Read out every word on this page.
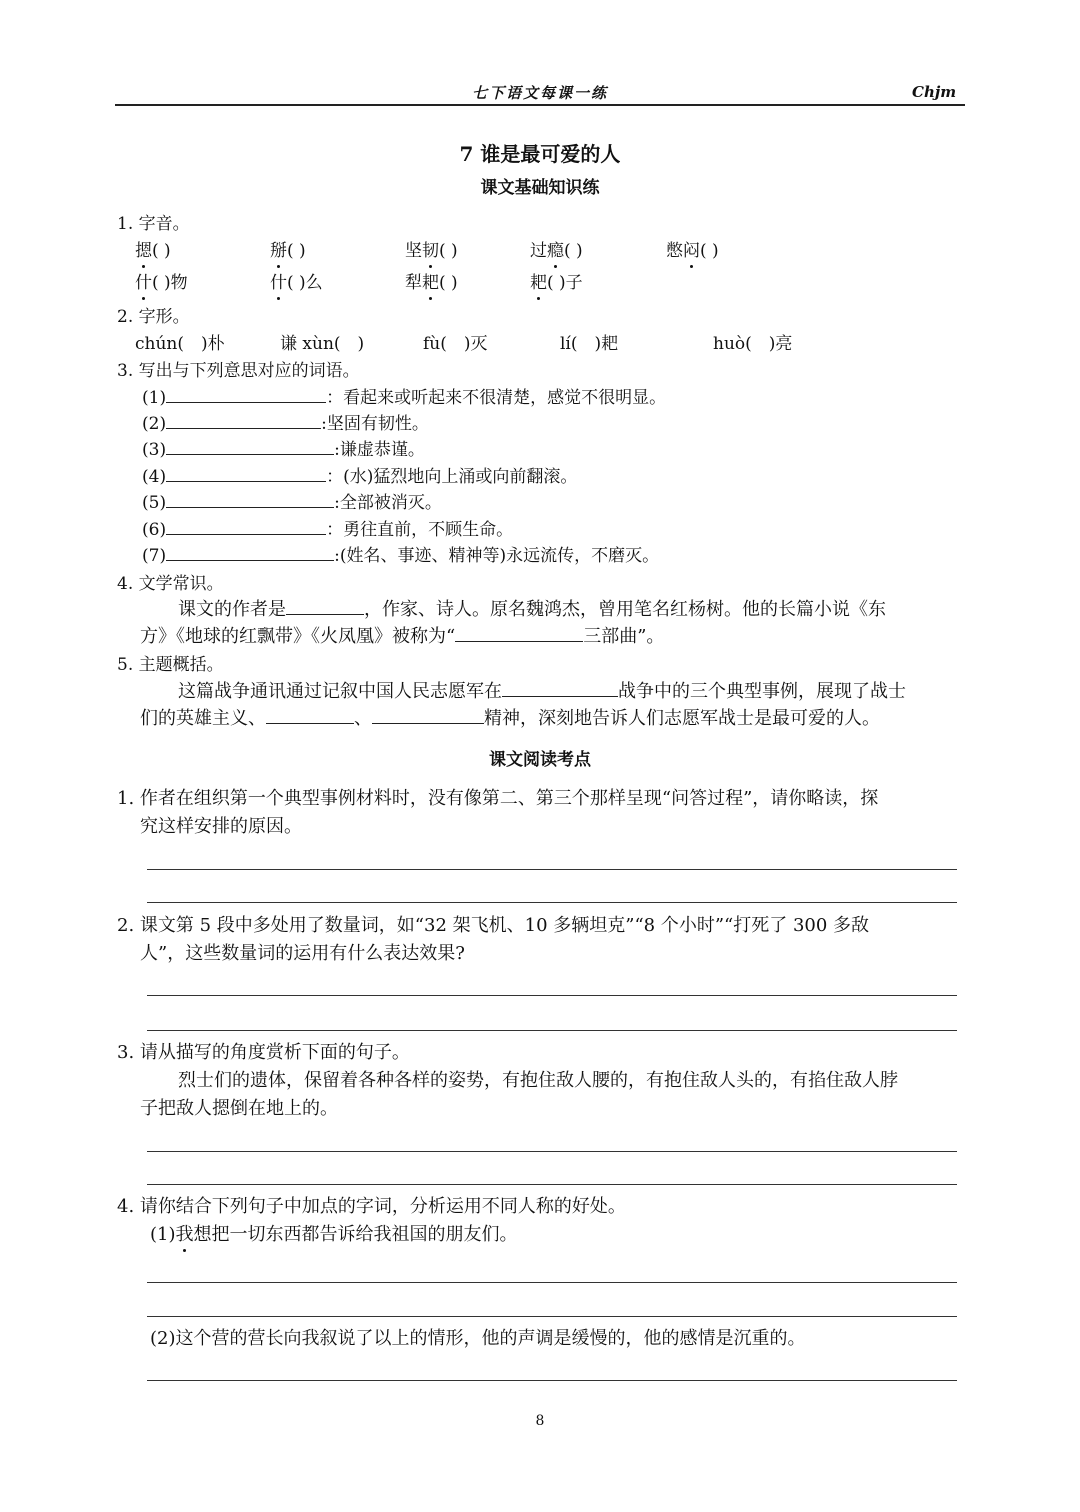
七下语文每课一练	Chjm
7 谁是最可爱的人
课文基础知识练
1. 字音。
摁( )	掰( )	坚韧( )	过瘾( )	憋闷( )
什( )物	什( )么	犁耙( )	耙( )子
2. 字形。
chún(　)朴	谦 xùn(　)	fù(　)灭	lí(　)耙	huò(　)亮
3. 写出与下列意思对应的词语。
(1)	：看起来或听起来不很清楚，感觉不很明显。
(2)	:坚固有韧性。
(3)	:谦虚恭谨。
(4)	：(水)猛烈地向上涌或向前翻滚。
(5)	:全部被消灭。
(6)	：勇往直前，不顾生命。
(7)	:(姓名、事迹、精神等)永远流传，不磨灭。
4. 文学常识。
课文的作者是	，作家、诗人。原名魏鸿杰，曾用笔名红杨树。他的长篇小说《东
方》《地球的红飘带》《火凤凰》被称为“	三部曲”。
5. 主题概括。
这篇战争通讯通过记叙中国人民志愿军在	战争中的三个典型事例，展现了战士
们的英雄主义、	、	精神，深刻地告诉人们志愿军战士是最可爱的人。
课文阅读考点
1. 作者在组织第一个典型事例材料时，没有像第二、第三个那样呈现“问答过程”，请你略读，探
究这样安排的原因。
2. 课文第 5 段中多处用了数量词，如“32 架飞机、10 多辆坦克”“8 个小时”“打死了 300 多敌
人”，这些数量词的运用有什么表达效果?
3. 请从描写的角度赏析下面的句子。
烈士们的遗体，保留着各种各样的姿势，有抱住敌人腰的，有抱住敌人头的，有掐住敌人脖
子把敌人摁倒在地上的。
4. 请你结合下列句子中加点的字词，分析运用不同人称的好处。
(1)我想把一切东西都告诉给我祖国的朋友们。
(2)这个营的营长向我叙说了以上的情形，他的声调是缓慢的，他的感情是沉重的。
8
